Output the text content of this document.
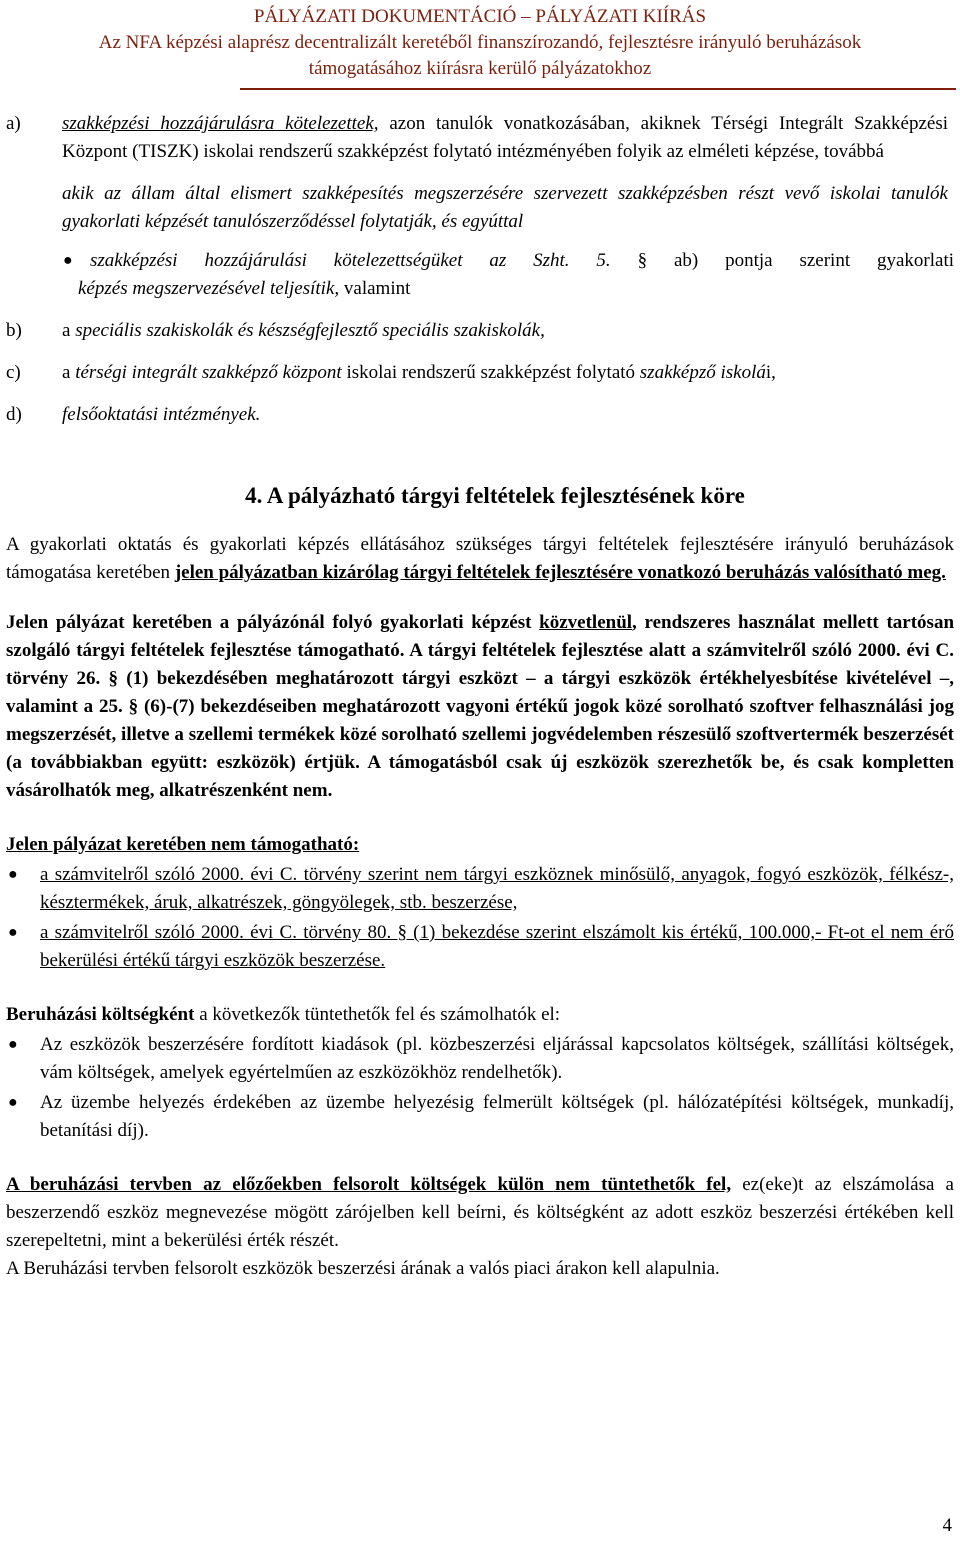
PÁLYÁZATI DOKUMENTÁCIÓ – PÁLYÁZATI KIÍRÁS
Az NFA képzési alaprész decentralizált keretéből finanszírozandó, fejlesztésre irányuló beruházások
támogatásához kiírásra kerülő pályázatokhoz
a) szakképzési hozzájárulásra kötelezettek, azon tanulók vonatkozásában, akiknek Térségi Integrált Szakképzési Központ (TISZK) iskolai rendszerű szakképzést folytató intézményében folyik az elméleti képzése, továbbá
akik az állam által elismert szakképesítés megszerzésére szervezett szakképzésben részt vevő iskolai tanulók gyakorlati képzését tanulószerződéssel folytatják, és egyúttal
● szakképzési hozzájárulási kötelezettségüket az Szht. 5. § ab) pontja szerint gyakorlati
képzés megszervezésével teljesítik, valamint
b) a speciális szakiskolák és készségfejlesztő speciális szakiskolák,
c) a térségi integrált szakképző központ iskolai rendszerű szakképzést folytató szakképző iskolái,
d) felsőoktatási intézmények.
4. A pályázható tárgyi feltételek fejlesztésének köre
A gyakorlati oktatás és gyakorlati képzés ellátásához szükséges tárgyi feltételek fejlesztésére irányuló beruházások támogatása keretében jelen pályázatban kizárólag tárgyi feltételek fejlesztésére vonatkozó beruházás valósítható meg.
Jelen pályázat keretében a pályázónál folyó gyakorlati képzést közvetlenül, rendszeres használat mellett tartósan szolgáló tárgyi feltételek fejlesztése támogatható. A tárgyi feltételek fejlesztése alatt a számvitelről szóló 2000. évi C. törvény 26. § (1) bekezdésében meghatározott tárgyi eszközt – a tárgyi eszközök értékhelyesbítése kivételével –, valamint a 25. § (6)-(7) bekezdéseiben meghatározott vagyoni értékű jogok közé sorolható szoftver felhasználási jog megszerzését, illetve a szellemi termékek közé sorolható szellemi jogvédelemben részesülő szoftvertermék beszerzését (a továbbiakban együtt: eszközök) értjük. A támogatásból csak új eszközök szerezhetők be, és csak kompletten vásárolhatók meg, alkatrészenként nem.
Jelen pályázat keretében nem támogatható:
● a számvitelről szóló 2000. évi C. törvény szerint nem tárgyi eszköznek minősülő, anyagok, fogyó eszközök, félkész-, késztermékek, áruk, alkatrészek, göngyölegek, stb. beszerzése,
● a számvitelről szóló 2000. évi C. törvény 80. § (1) bekezdése szerint elszámolt kis értékű, 100.000,- Ft-ot el nem érő bekerülési értékű tárgyi eszközök beszerzése.
Beruházási költségként a következők tüntethetők fel és számolhatók el:
● Az eszközök beszerzésére fordított kiadások (pl. közbeszerzési eljárással kapcsolatos költségek, szállítási költségek, vám költségek, amelyek egyértelműen az eszközökhöz rendelhetők).
● Az üzembe helyezés érdekében az üzembe helyezésig felmerült költségek (pl. hálózatépítési költségek, munkadíj, betanítási díj).
A beruházási tervben az előzőekben felsorolt költségek külön nem tüntethetők fel, ez(eke)t az elszámolása a beszerzendő eszköz megnevezése mögött zárójelben kell beírni, és költségként az adott eszköz beszerzési értékében kell szerepeltetni, mint a bekerülési érték részét.
A Beruházási tervben felsorolt eszközök beszerzési árának a valós piaci árakon kell alapulnia.
4
